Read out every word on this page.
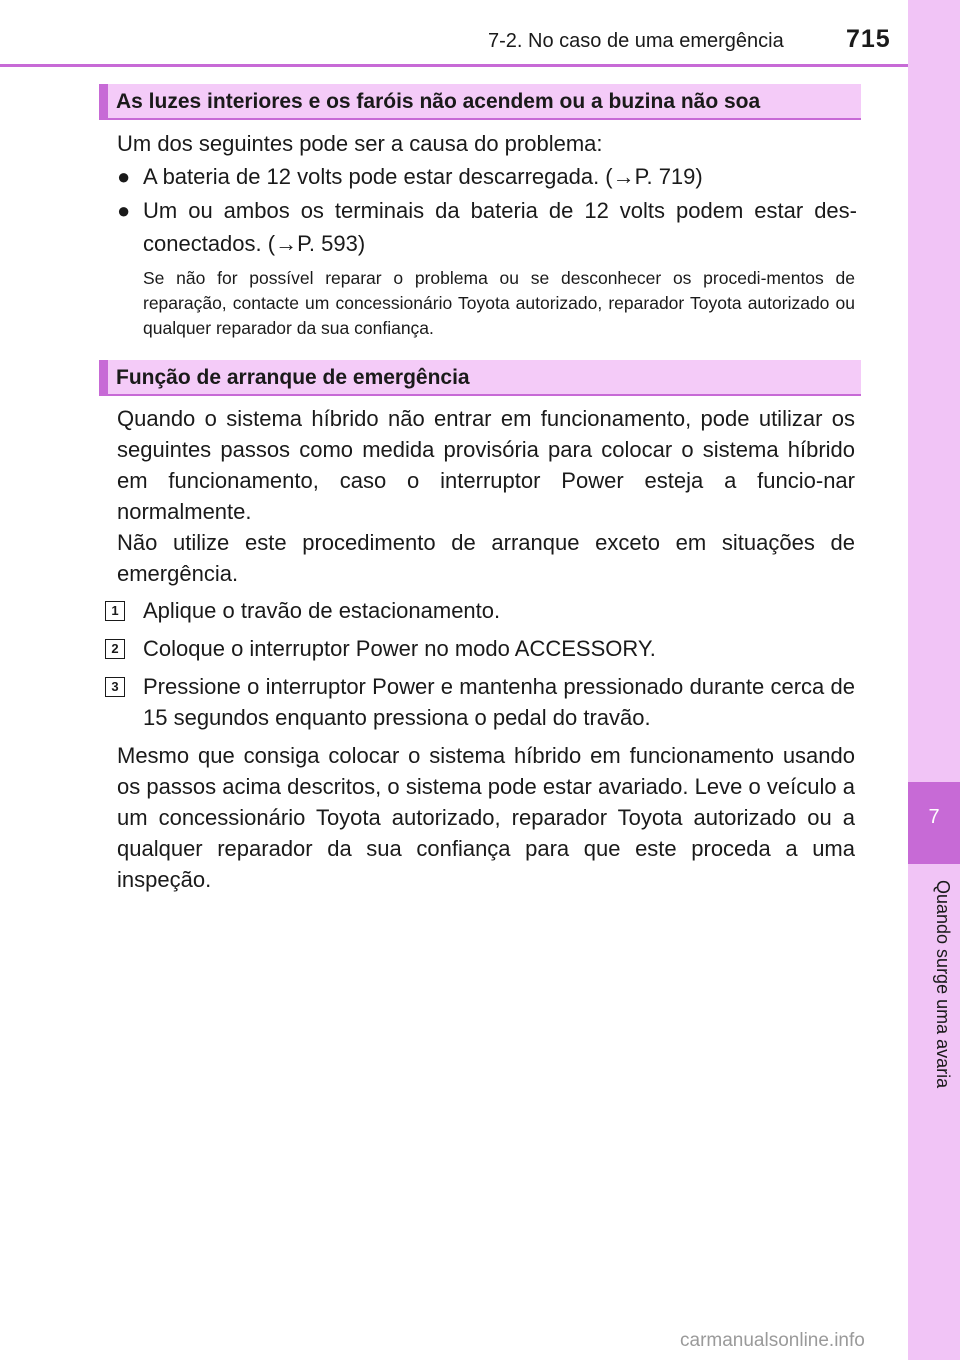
7-2. No caso de uma emergência 715
7
Quando surge uma avaria
As luzes interiores e os faróis não acendem ou a buzina não soa
Um dos seguintes pode ser a causa do problema:
● A bateria de 12 volts pode estar descarregada. (→P. 719)
● Um ou ambos os terminais da bateria de 12 volts podem estar des-conectados. (→P. 593)
Se não for possível reparar o problema ou se desconhecer os procedi-mentos de reparação, contacte um concessionário Toyota autorizado, reparador Toyota autorizado ou qualquer reparador da sua confiança.
Função de arranque de emergência
Quando o sistema híbrido não entrar em funcionamento, pode utilizar os seguintes passos como medida provisória para colocar o sistema híbrido em funcionamento, caso o interruptor Power esteja a funcio-nar normalmente.
Não utilize este procedimento de arranque exceto em situações de emergência.
1 Aplique o travão de estacionamento.
2 Coloque o interruptor Power no modo ACCESSORY.
3 Pressione o interruptor Power e mantenha pressionado durante cerca de 15 segundos enquanto pressiona o pedal do travão.
Mesmo que consiga colocar o sistema híbrido em funcionamento usando os passos acima descritos, o sistema pode estar avariado. Leve o veículo a um concessionário Toyota autorizado, reparador Toyota autorizado ou a qualquer reparador da sua confiança para que este proceda a uma inspeção.
carmanualsonline.info
